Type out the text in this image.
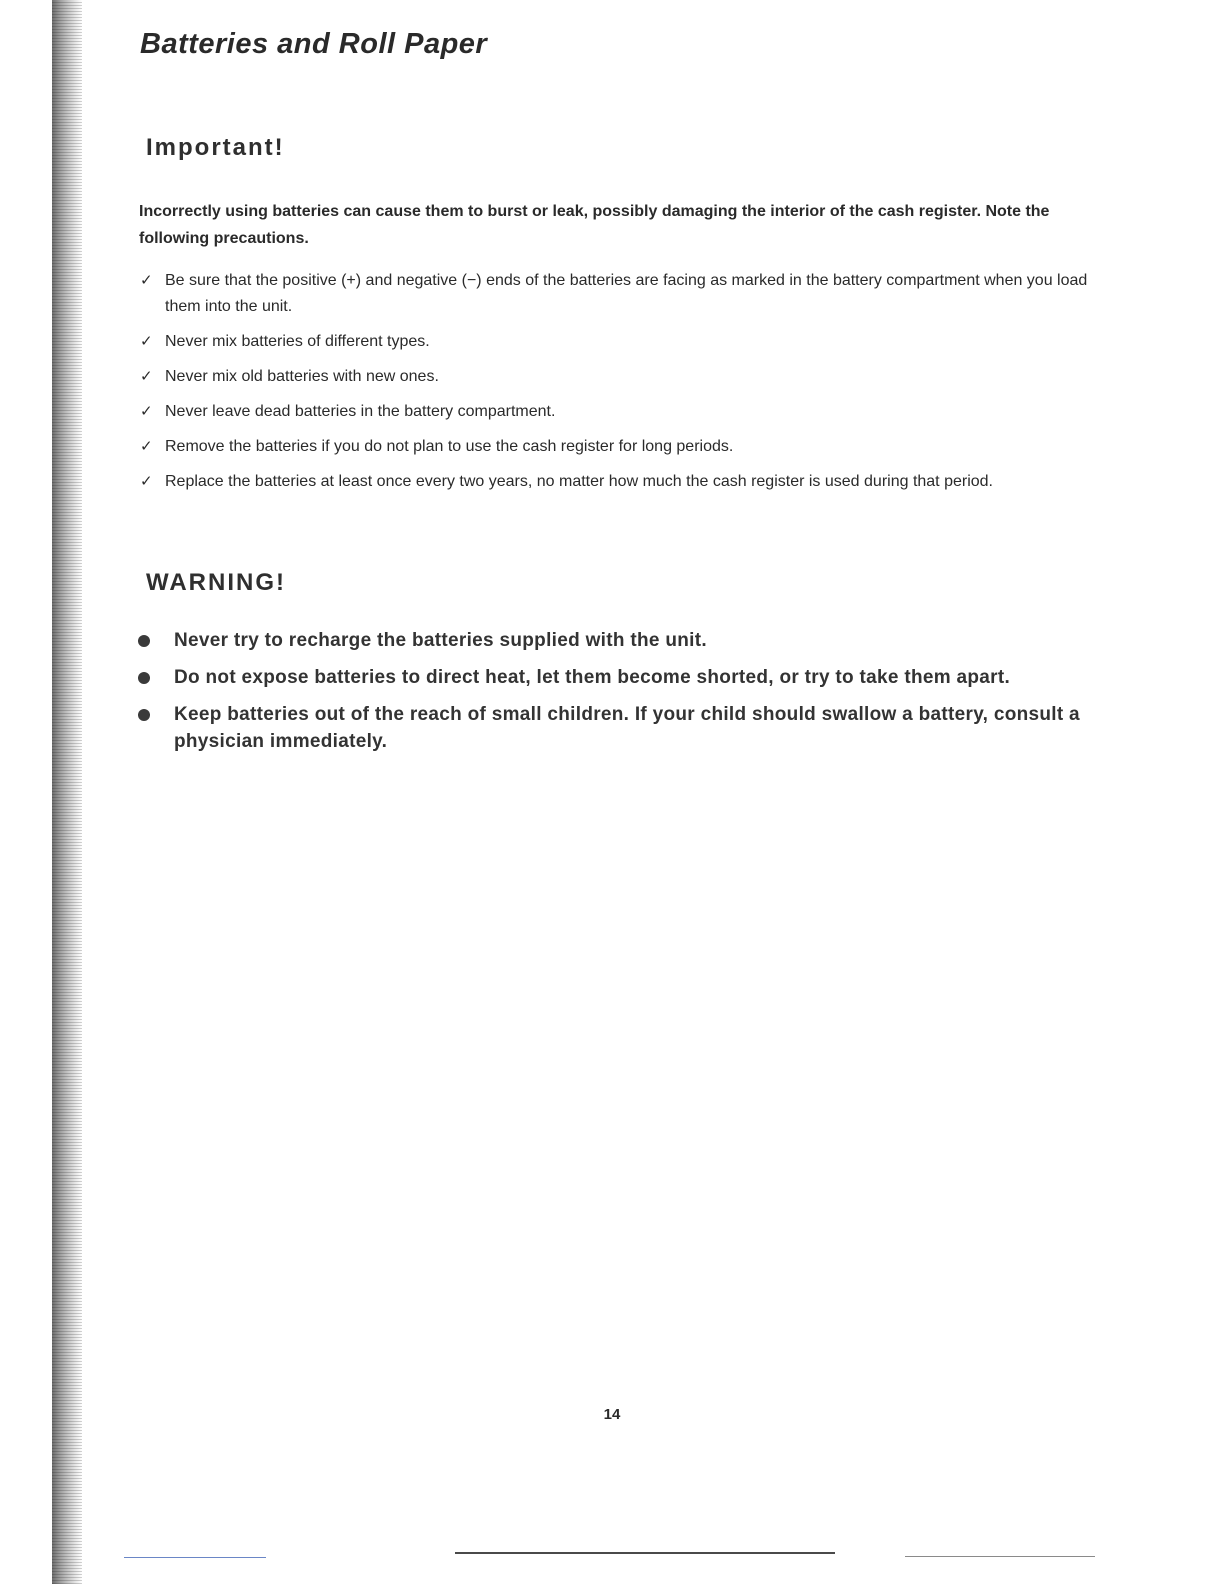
Batteries and Roll Paper
Important!

Incorrectly using batteries can cause them to burst or leak, possibly damaging the interior of the cash register. Note the following precautions.

✓ Be sure that the positive (+) and negative (−) ends of the batteries are facing as marked in the battery compartment when you load them into the unit.
✓ Never mix batteries of different types.
✓ Never mix old batteries with new ones.
✓ Never leave dead batteries in the battery compartment.
✓ Remove the batteries if you do not plan to use the cash register for long periods.
✓ Replace the batteries at least once every two years, no matter how much the cash register is used during that period.
WARNING!
Never try to recharge the batteries supplied with the unit.
Do not expose batteries to direct heat, let them become shorted, or try to take them apart.
Keep batteries out of the reach of small children. If your child should swallow a battery, consult a physician immediately.
14
